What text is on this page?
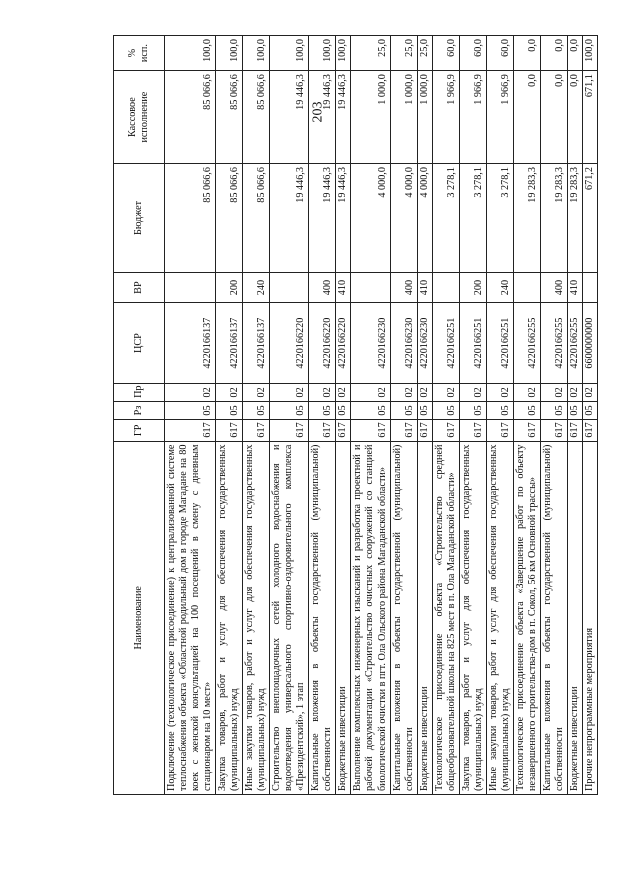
203
Наименование	ГР	Рз	Пр	ЦСР	ВР	Бюджет	Кассовое исполнение	% исп.
Подключение (технологическое присоединение) к централизованной системе теплоснабжения объекта «Областной родильный дом в городе Магадане на 80 коек с женской консультацией на 100 посещений в смену с дневным стационаром на 10 мест»	617	05	02	4220166137		85 066,6	85 066,6	100,0
Закупка товаров, работ и услуг для обеспечения государственных (муниципальных) нужд	617	05	02	4220166137	200	85 066,6	85 066,6	100,0
Иные закупки товаров, работ и услуг для обеспечения государственных (муниципальных) нужд	617	05	02	4220166137	240	85 066,6	85 066,6	100,0
Строительство внеплощадочных сетей холодного водоснабжения и водоотведения универсального спортивно-оздоровительного комплекса «Президентский», 1 этап	617	05	02	4220166220		19 446,3	19 446,3	100,0
Капитальные вложения в объекты государственной (муниципальной) собственности	617	05	02	4220166220	400	19 446,3	19 446,3	100,0
Бюджетные инвестиции	617	05	02	4220166220	410	19 446,3	19 446,3	100,0
Выполнение комплексных инженерных изысканий и разработка проектной и рабочей документации «Строительство очистных сооружений со станцией биологической очистки в пгт. Ола Ольского района Магаданской области»	617	05	02	4220166230		4 000,0	1 000,0	25,0
Капитальные вложения в объекты государственной (муниципальной) собственности	617	05	02	4220166230	400	4 000,0	1 000,0	25,0
Бюджетные инвестиции	617	05	02	4220166230	410	4 000,0	1 000,0	25,0
Технологическое присоединение объекта «Строительство средней общеобразовательной школы на 825 мест в п. Ола Магаданской области»	617	05	02	4220166251		3 278,1	1 966,9	60,0
Закупка товаров, работ и услуг для обеспечения государственных (муниципальных) нужд	617	05	02	4220166251	200	3 278,1	1 966,9	60,0
Иные закупки товаров, работ и услуг для обеспечения государственных (муниципальных) нужд	617	05	02	4220166251	240	3 278,1	1 966,9	60,0
Технологическое присоединение объекта «Завершение работ по объекту незавершенного строительства-дом в п. Сокол, 56 км Основной трассы»	617	05	02	4220166255		19 283,3	0,0	0,0
Капитальные вложения в объекты государственной (муниципальной) собственности	617	05	02	4220166255	400	19 283,3	0,0	0,0
Бюджетные инвестиции	617	05	02	4220166255	410	19 283,3	0,0	0,0
Прочие непрограммные мероприятия	617	05	02	6600000000		671,2	671,1	100,0
